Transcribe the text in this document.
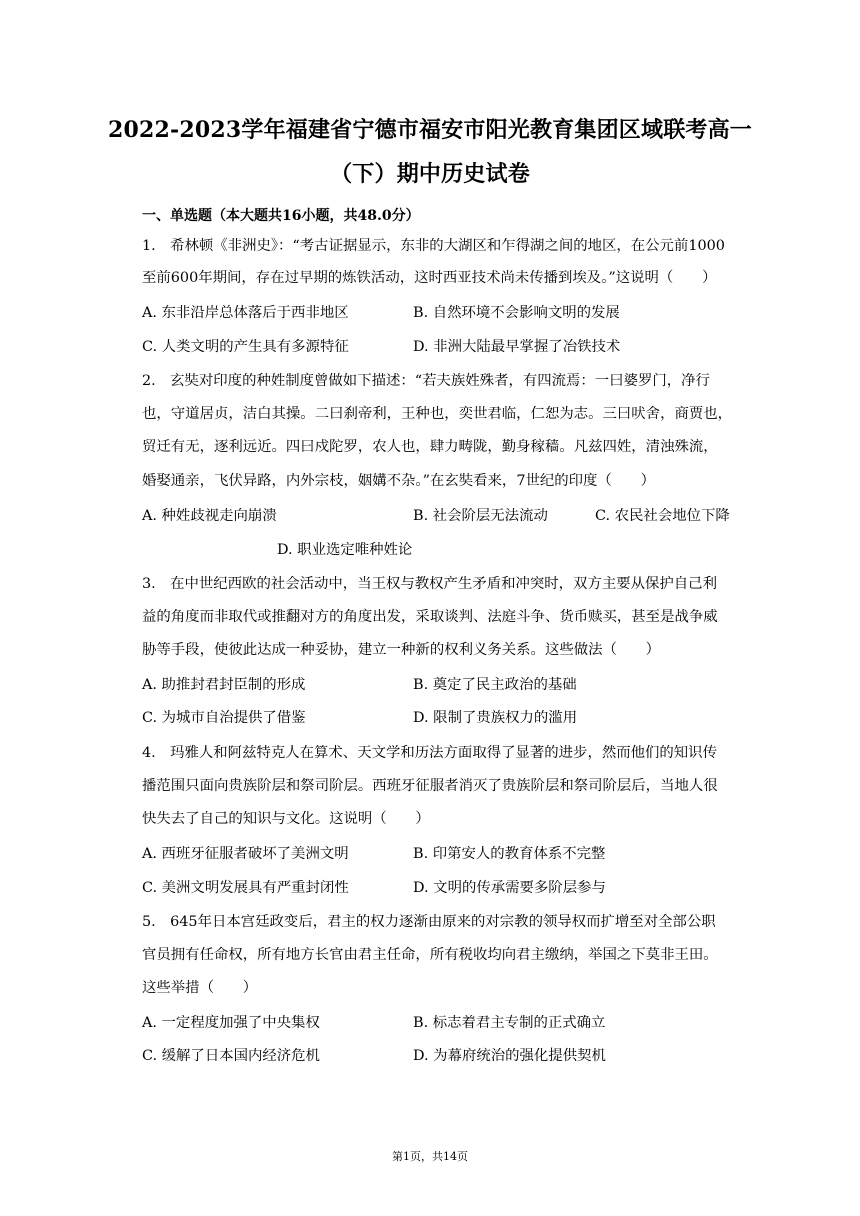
2022-2023学年福建省宁德市福安市阳光教育集团区域联考高一
（下）期中历史试卷
一、单选题（本大题共16小题，共48.0分）
1.　希林顿《非洲史》：“考古证据显示，东非的大湖区和乍得湖之间的地区，在公元前1000
至前600年期间，存在过早期的炼铁活动，这时西亚技术尚未传播到埃及。”这说明（　　）
A. 东非沿岸总体落后于西非地区	B. 自然环境不会影响文明的发展
C. 人类文明的产生具有多源特征	D. 非洲大陆最早掌握了冶铁技术
2.　玄奘对印度的种姓制度曾做如下描述：“若夫族姓殊者，有四流焉：一曰婆罗门，净行
也，守道居贞，洁白其操。二曰刹帝利，王种也，奕世君临，仁恕为志。三曰吠舍，商贾也，
贸迁有无，逐利远近。四曰戍陀罗，农人也，肆力畴陇，勤身稼穑。凡兹四姓，清浊殊流，
婚娶通亲，飞伏异路，内外宗枝，姻媾不杂。”在玄奘看来，7世纪的印度（　　）
A. 种姓歧视走向崩溃	B. 社会阶层无法流动	C. 农民社会地位下降
D. 职业选定唯种姓论
3.　在中世纪西欧的社会活动中，当王权与教权产生矛盾和冲突时，双方主要从保护自己利
益的角度而非取代或推翻对方的角度出发，采取谈判、法庭斗争、货币赎买，甚至是战争威
胁等手段，使彼此达成一种妥协，建立一种新的权利义务关系。这些做法（　　）
A. 助推封君封臣制的形成	B. 奠定了民主政治的基础
C. 为城市自治提供了借鉴	D. 限制了贵族权力的滥用
4.　玛雅人和阿兹特克人在算术、天文学和历法方面取得了显著的进步，然而他们的知识传
播范围只面向贵族阶层和祭司阶层。西班牙征服者消灭了贵族阶层和祭司阶层后，当地人很
快失去了自己的知识与文化。这说明（　　）
A. 西班牙征服者破坏了美洲文明	B. 印第安人的教育体系不完整
C. 美洲文明发展具有严重封闭性	D. 文明的传承需要多阶层参与
5.　645年日本宫廷政变后，君主的权力逐渐由原来的对宗教的领导权而扩增至对全部公职
官员拥有任命权，所有地方长官由君主任命，所有税收均向君主缴纳，举国之下莫非王田。
这些举措（　　）
A. 一定程度加强了中央集权	B. 标志着君主专制的正式确立
C. 缓解了日本国内经济危机	D. 为幕府统治的强化提供契机
第1页，共14页
